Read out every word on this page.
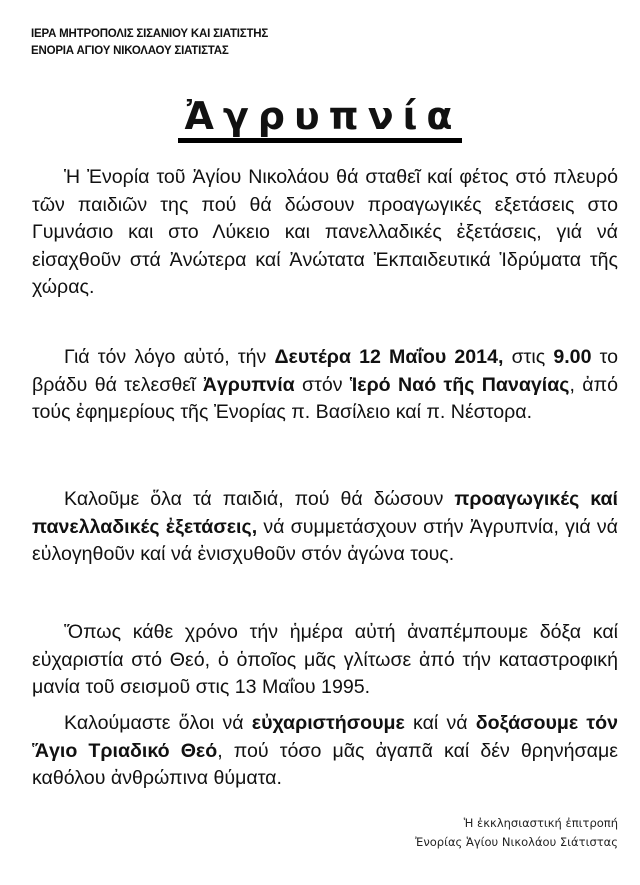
ΙΕΡΑ ΜΗΤΡΟΠΟΛΙΣ ΣΙΣΑΝΙΟΥ ΚΑΙ ΣΙΑΤΙΣΤΗΣ
ΕΝΟΡΙΑ ΑΓΙΟΥ ΝΙΚΟΛΑΟΥ ΣΙΑΤΙΣΤΑΣ
Ἀγρυπνία

Ἡ Ἐνορία τοῦ Ἁγίου Νικολάου θά σταθεῖ καί φέτος στό πλευρό τῶν παιδιῶν της πού θά δώσουν προαγωγικές εξετάσεις στο Γυμνάσιο και στο Λύκειο και πανελλαδικές ἐξετάσεις, γιά νά εἰσαχθοῦν στά Ἀνώτερα καί Ἀνώτατα Ἐκπαιδευτικά Ἱδρύματα τῆς χώρας.

Γιά τόν λόγο αὐτό, τήν Δευτέρα 12 Μαΐου 2014, στις 9.00 το βράδυ θά τελεσθεῖ Ἀγρυπνία στόν Ἱερό Ναό τῆς Παναγίας, ἀπό τούς ἐφημερίους τῆς Ἐνορίας π. Βασίλειο καί π. Νέστορα.

Καλοῦμε ὅλα τά παιδιά, πού θά δώσουν προαγωγικές καί πανελλαδικές ἐξετάσεις, νά συμμετάσχουν στήν Ἀγρυπνία, γιά νά εὐλογηθοῦν καί νά ἐνισχυθοῦν στόν ἀγώνα τους.

Ὅπως κάθε χρόνο τήν ἡμέρα αὐτή ἀναπέμπουμε δόξα καί εὐχαριστία στό Θεό, ὁ ὁποῖος μᾶς γλίτωσε ἀπό τήν καταστροφική μανία τοῦ σεισμοῦ στις 13 Μαΐου 1995.

Καλούμαστε ὅλοι νά εὐχαριστήσουμε καί νά δοξάσουμε τόν Ἅγιο Τριαδικό Θεό, πού τόσο μᾶς ἀγαπᾶ καί δέν θρηνήσαμε καθόλου ἀνθρώπινα θύματα.

Ἡ ἐκκλησιαστική ἐπιτροπή
Ἐνορίας Ἁγίου Νικολάου Σιάτιστας
